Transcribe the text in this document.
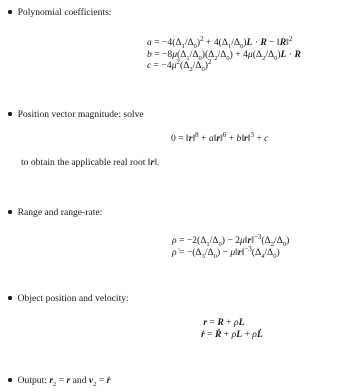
Polynomial coefficients:
$a = -4(\Delta_1/\Delta_0)^2 + 4(\Delta_1/\Delta_0)L \cdot R$ − ‖R‖$^2$
$b = -8\mu(\Delta_1/\Delta_0)(\Delta_2/\Delta_0) + 4\mu(\Delta_2/\Delta_0)L \cdot R$
$c = -4\mu^2(\Delta_2/\Delta_0)^2$
Position vector magnitude: solve
0 = ‖r‖$^8$ + a‖r‖$^6$ + b‖r‖$^3$ + c
to obtain the applicable real root ‖r‖.
Range and range-rate:
$\rho = -2(\Delta_1/\Delta_0)$ − $2\mu‖r‖^{-3}(\Delta_2/\Delta_0)$
ρ̇ = $-(\Delta_3/\Delta_0)$ − $\mu‖r‖^{-3}(\Delta_4/\Delta_0)$
Object position and velocity:
r = R + ρL
ṙ = Ṙ + ρ̇L + ρL̇
Output: $r_2 = r$ and $v_2$ = ṙ
